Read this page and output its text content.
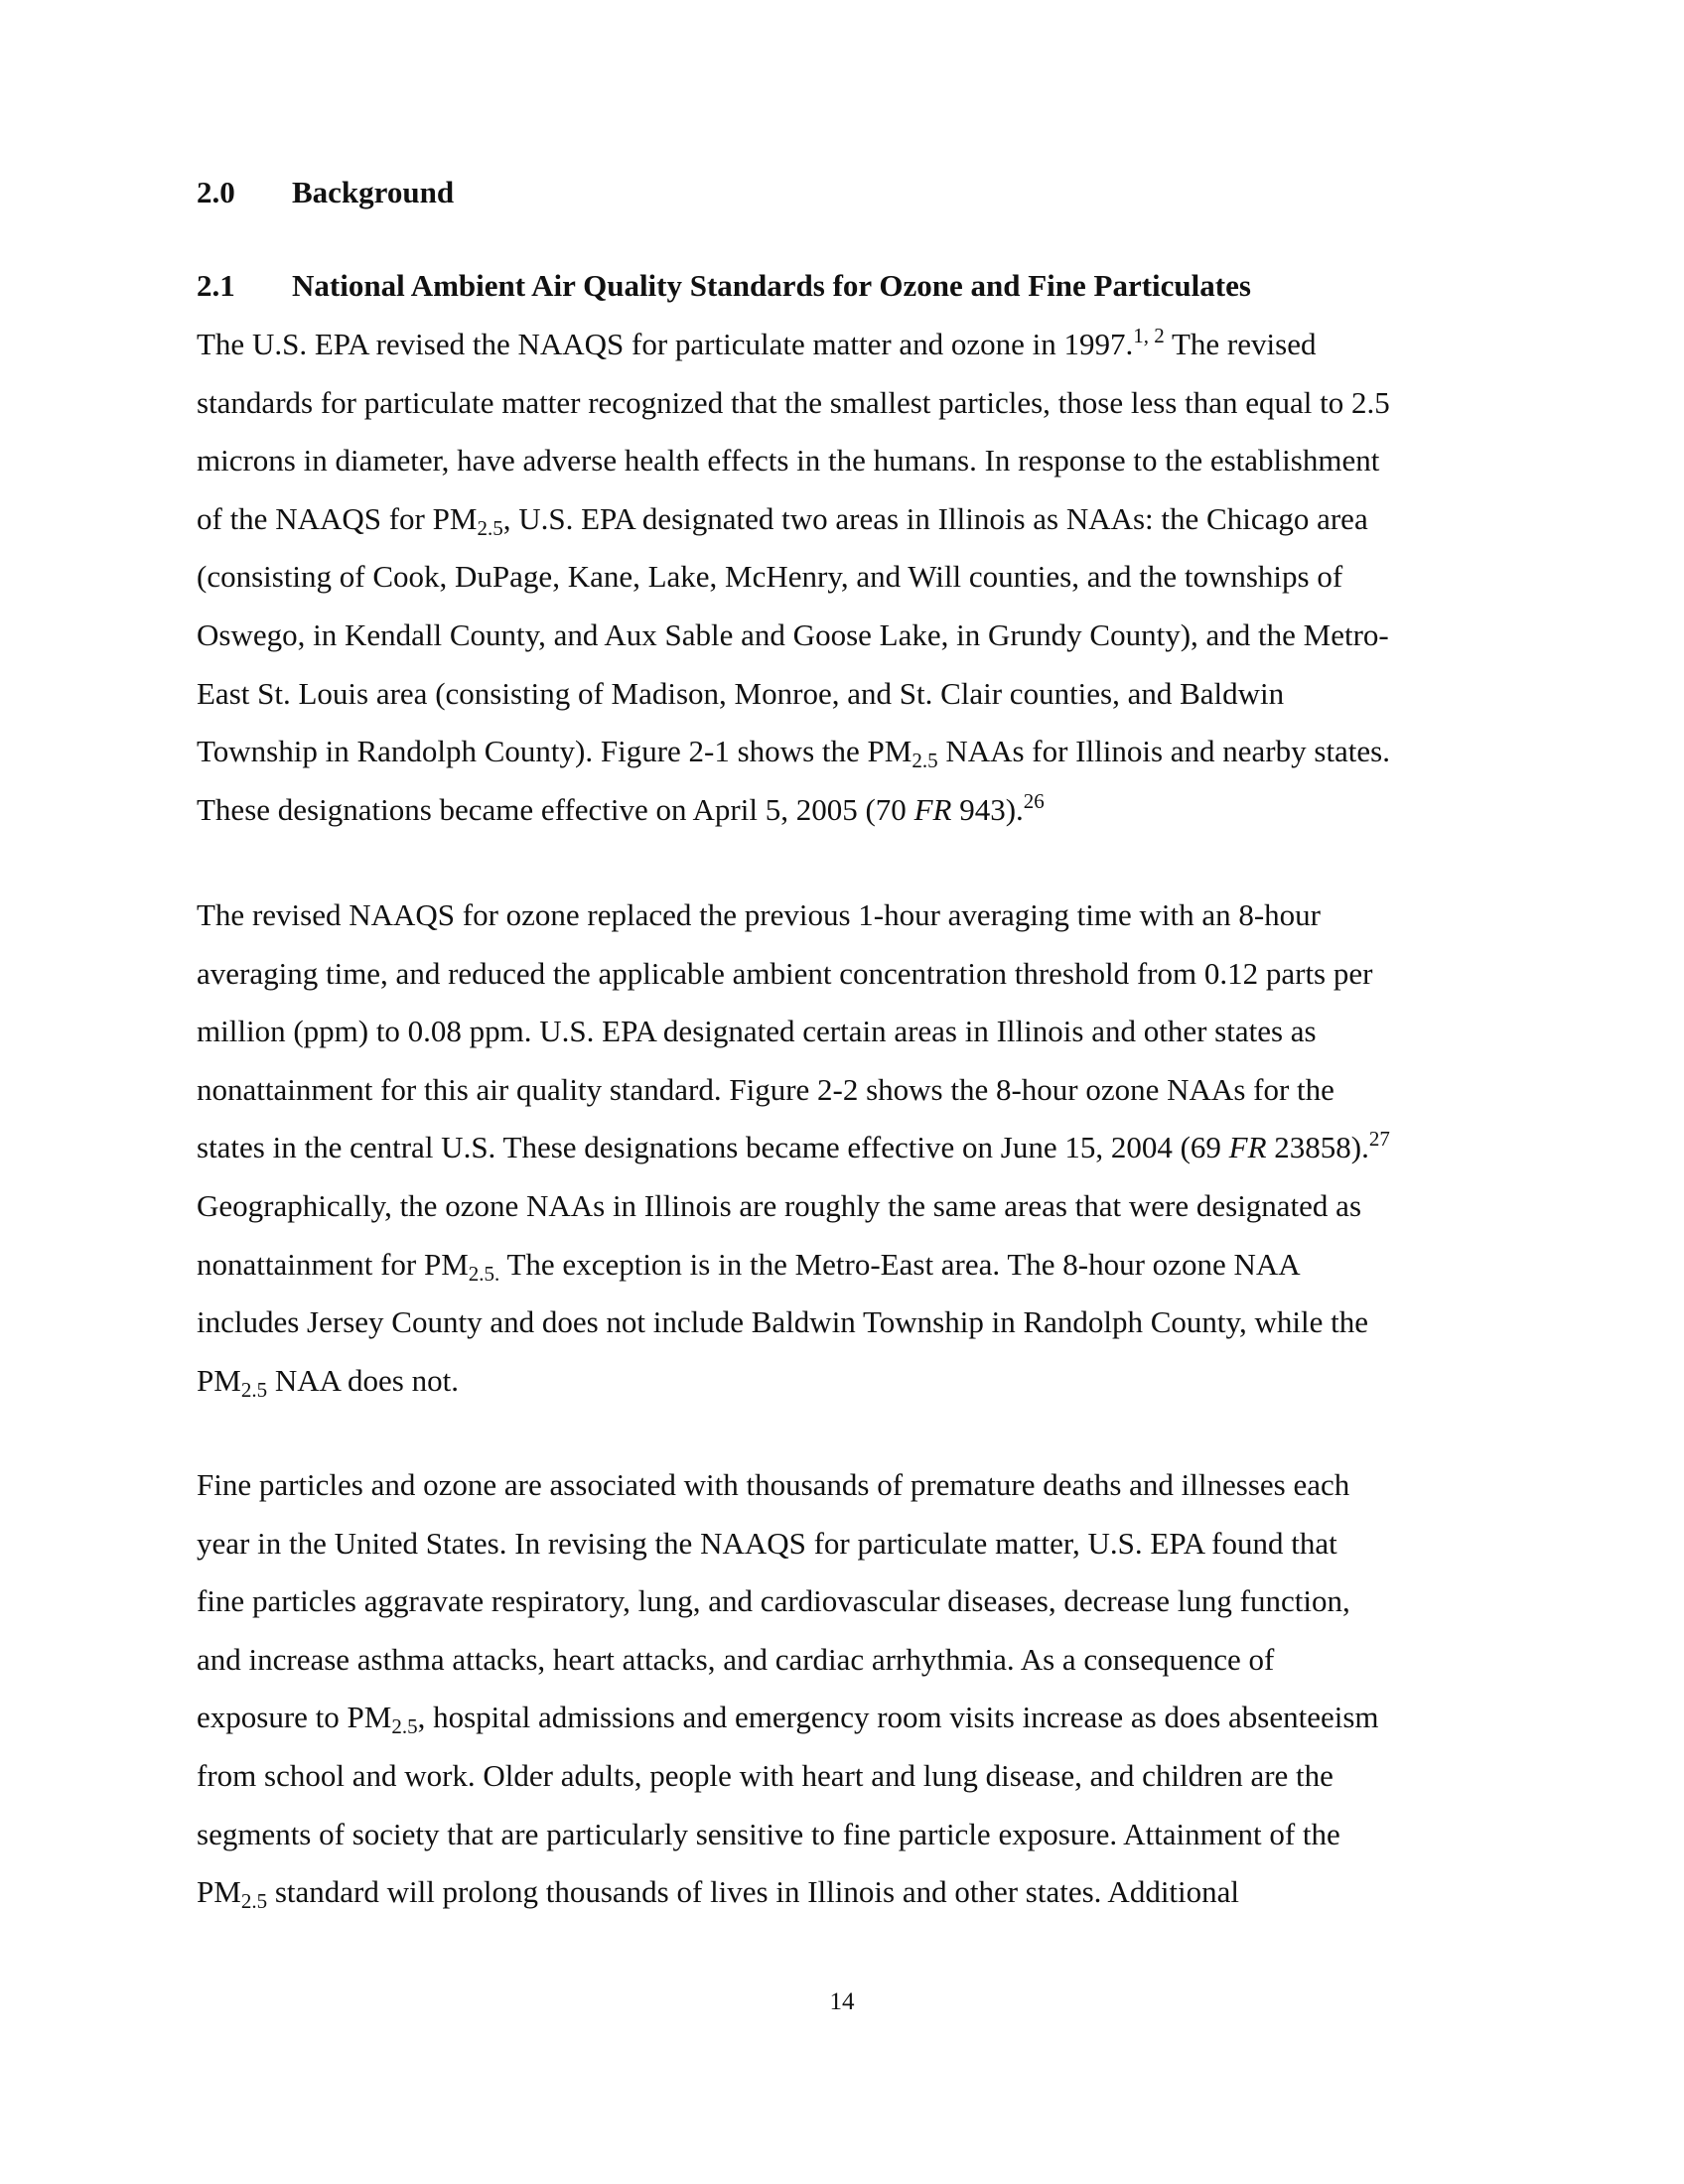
2.0 Background
2.1 National Ambient Air Quality Standards for Ozone and Fine Particulates
The U.S. EPA revised the NAAQS for particulate matter and ozone in 1997.$^{1, 2}$ The revised
standards for particulate matter recognized that the smallest particles, those less than equal to 2.5
microns in diameter, have adverse health effects in the humans. In response to the establishment
of the NAAQS for $PM_{2.5}$, U.S. EPA designated two areas in Illinois as NAAs: the Chicago area
(consisting of Cook, DuPage, Kane, Lake, McHenry, and Will counties, and the townships of
Oswego, in Kendall County, and Aux Sable and Goose Lake, in Grundy County), and the Metro-
East St. Louis area (consisting of Madison, Monroe, and St. Clair counties, and Baldwin
Township in Randolph County). Figure 2-1 shows the $PM_{2.5}$ NAAs for Illinois and nearby states.
These designations became effective on April 5, 2005 (70 FR 943).$^{26}$
The revised NAAQS for ozone replaced the previous 1-hour averaging time with an 8-hour
averaging time, and reduced the applicable ambient concentration threshold from 0.12 parts per
million (ppm) to 0.08 ppm. U.S. EPA designated certain areas in Illinois and other states as
nonattainment for this air quality standard. Figure 2-2 shows the 8-hour ozone NAAs for the
states in the central U.S. These designations became effective on June 15, 2004 (69 FR 23858).$^{27}$
Geographically, the ozone NAAs in Illinois are roughly the same areas that were designated as
nonattainment for $PM_{2.5.}$ The exception is in the Metro-East area. The 8-hour ozone NAA
includes Jersey County and does not include Baldwin Township in Randolph County, while the
$PM_{2.5}$ NAA does not.
Fine particles and ozone are associated with thousands of premature deaths and illnesses each
year in the United States. In revising the NAAQS for particulate matter, U.S. EPA found that
fine particles aggravate respiratory, lung, and cardiovascular diseases, decrease lung function,
and increase asthma attacks, heart attacks, and cardiac arrhythmia. As a consequence of
exposure to $PM_{2.5}$, hospital admissions and emergency room visits increase as does absenteeism
from school and work. Older adults, people with heart and lung disease, and children are the
segments of society that are particularly sensitive to fine particle exposure. Attainment of the
$PM_{2.5}$ standard will prolong thousands of lives in Illinois and other states. Additional
14
